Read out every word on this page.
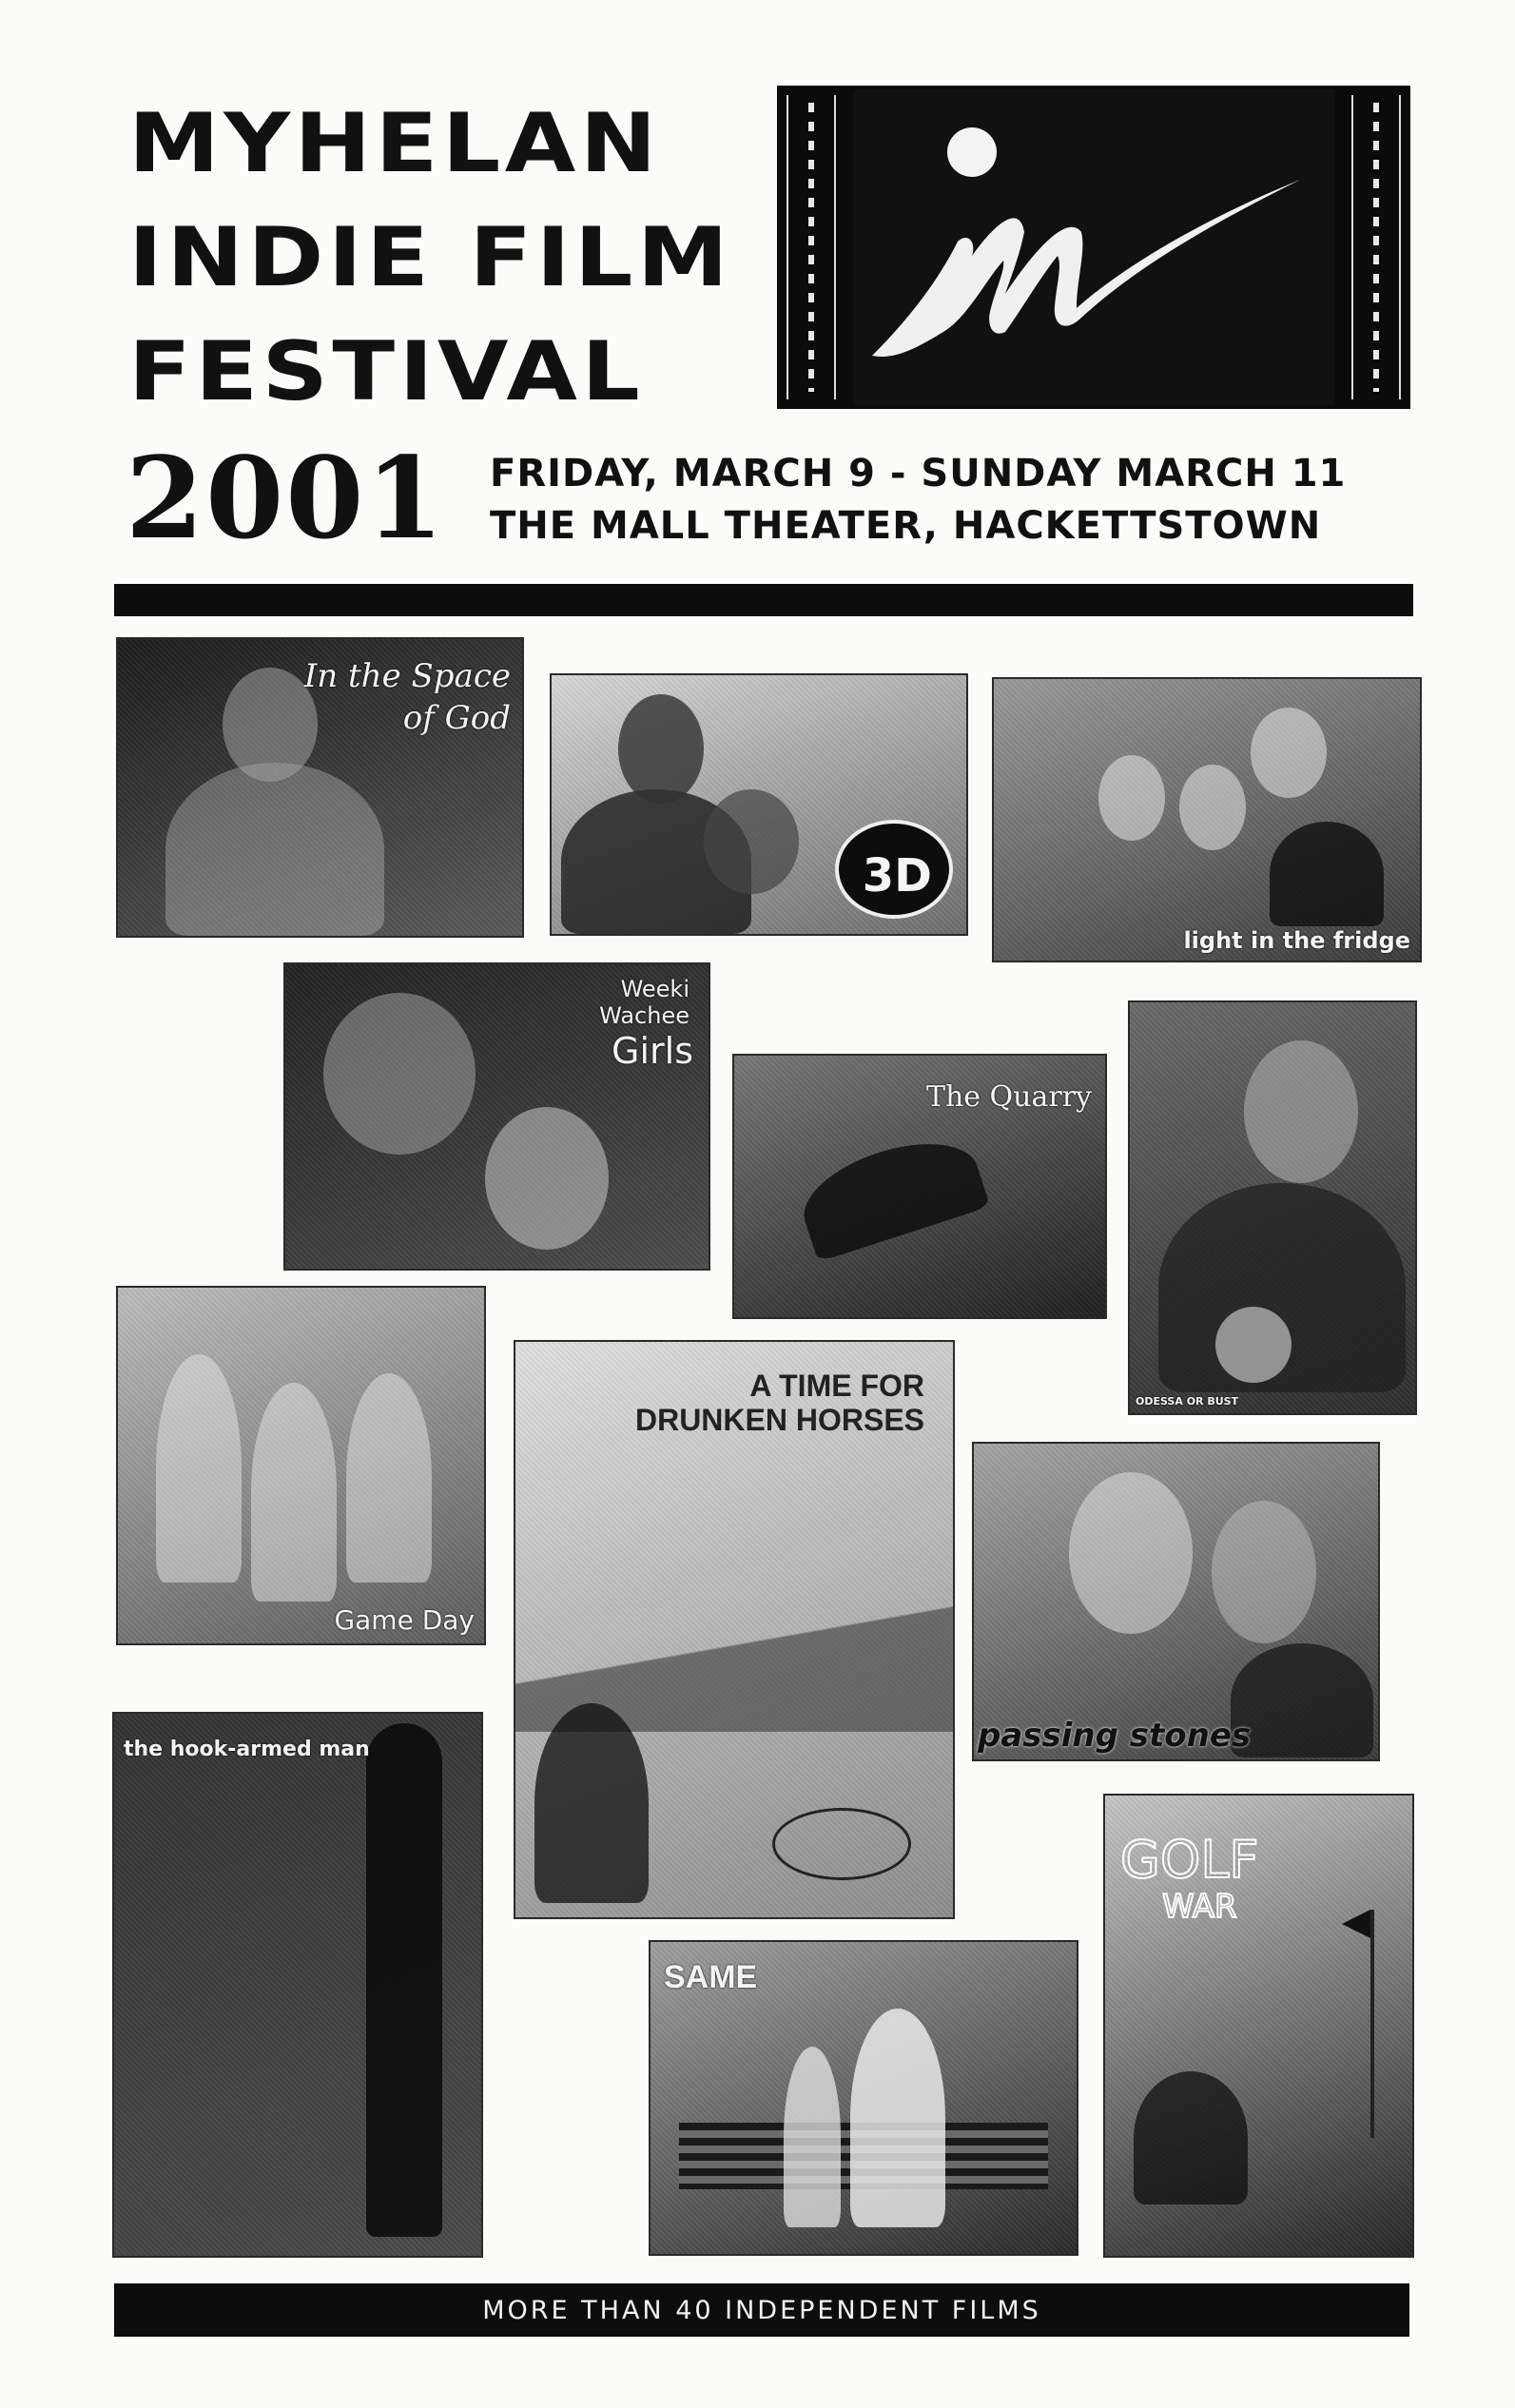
MYHELAN
INDIE FILM
FESTIVAL
2001 FRIDAY, MARCH 9 - SUNDAY MARCH 11
THE MALL THEATER, HACKETTSTOWN
In the Space
of God
3D
light in the fridge
Weeki
Wachee
Girls
The Quarry
ODESSA OR BUST
Game Day
A TIME FOR
DRUNKEN HORSES
passing stones
the hook-armed man
SAME
GOLF
WAR
MORE THAN 40 INDEPENDENT FILMS
